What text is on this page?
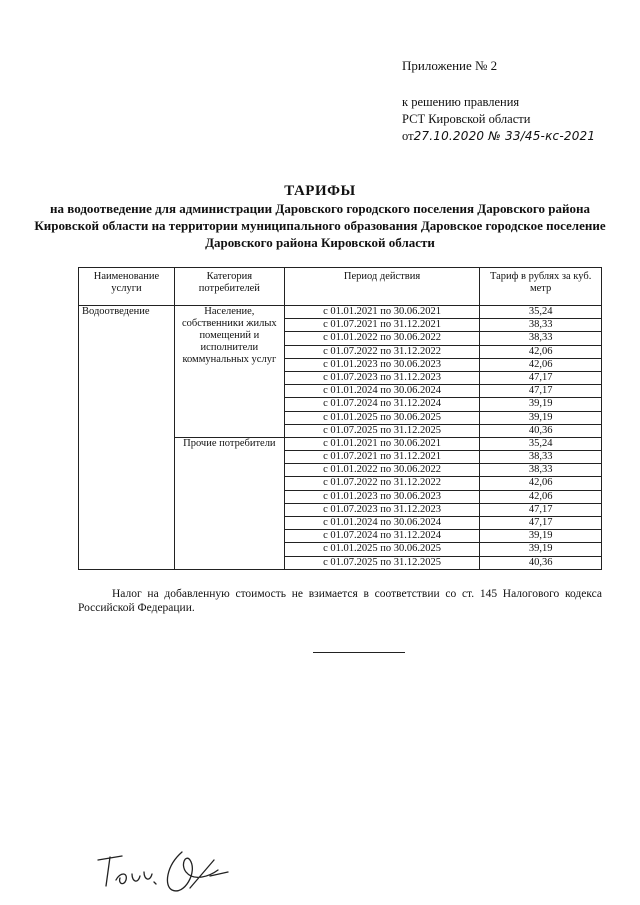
Приложение № 2
к решению правления
РСТ Кировской области
от27.10.2020 № 33/45-кс-2021
ТАРИФЫ
на водоотведение для администрации Даровского городского поселения Даровского района Кировской области на территории муниципального образования Даровское городское поселение Даровского района Кировской области
Наименование услуги	Категория потребителей	Период действия	Тариф в рублях за куб. метр
Водоотведение	Население, собственники жилых помещений и исполнители коммунальных услуг	с 01.01.2021 по 30.06.2021	35,24
		с 01.07.2021 по 31.12.2021	38,33
		с 01.01.2022 по 30.06.2022	38,33
		с 01.07.2022 по 31.12.2022	42,06
		с 01.01.2023 по 30.06.2023	42,06
		с 01.07.2023 по 31.12.2023	47,17
		с 01.01.2024 по 30.06.2024	47,17
		с 01.07.2024 по 31.12.2024	39,19
		с 01.01.2025 по 30.06.2025	39,19
		с 01.07.2025 по 31.12.2025	40,36
	Прочие потребители	с 01.01.2021 по 30.06.2021	35,24
		с 01.07.2021 по 31.12.2021	38,33
		с 01.01.2022 по 30.06.2022	38,33
		с 01.07.2022 по 31.12.2022	42,06
		с 01.01.2023 по 30.06.2023	42,06
		с 01.07.2023 по 31.12.2023	47,17
		с 01.01.2024 по 30.06.2024	47,17
		с 01.07.2024 по 31.12.2024	39,19
		с 01.01.2025 по 30.06.2025	39,19
		с 01.07.2025 по 31.12.2025	40,36
Налог на добавленную стоимость не взимается в соответствии со ст. 145 Налогового кодекса Российской Федерации.
